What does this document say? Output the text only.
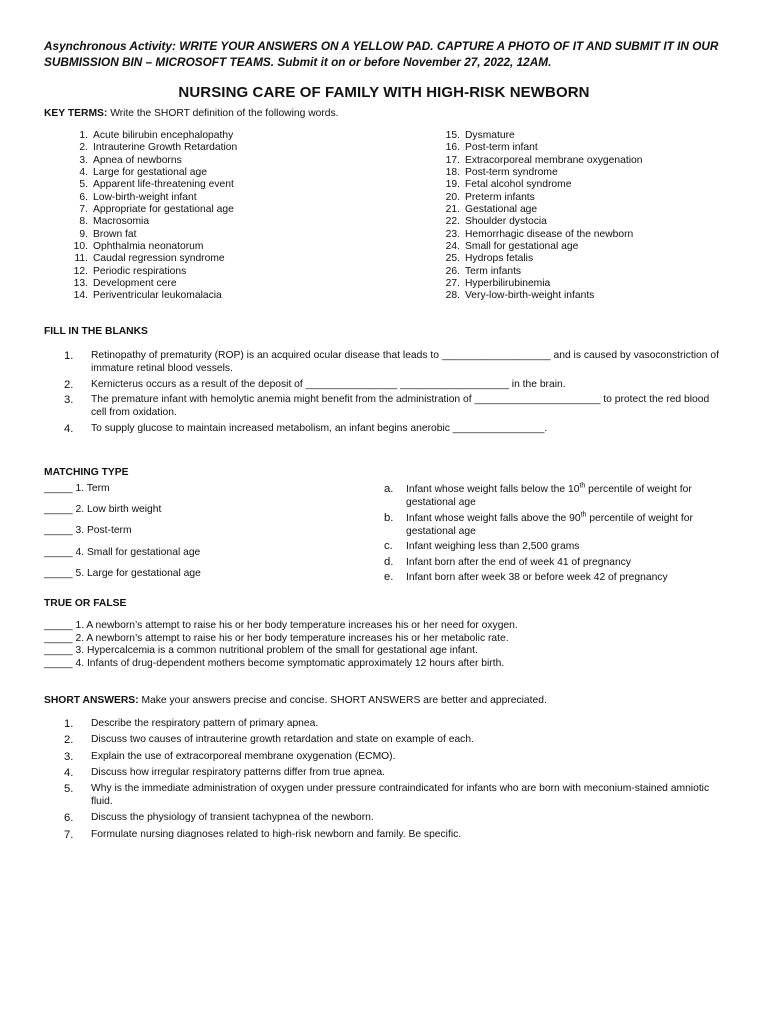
Asynchronous Activity: WRITE YOUR ANSWERS ON A YELLOW PAD. CAPTURE A PHOTO OF IT AND SUBMIT IT IN OUR SUBMISSION BIN – MICROSOFT TEAMS. Submit it on or before November 27, 2022, 12AM.
NURSING CARE OF FAMILY WITH HIGH-RISK NEWBORN
KEY TERMS: Write the SHORT definition of the following words.
1. Acute bilirubin encephalopathy
2. Intrauterine Growth Retardation
3. Apnea of newborns
4. Large for gestational age
5. Apparent life-threatening event
6. Low-birth-weight infant
7. Appropriate for gestational age
8. Macrosomia
9. Brown fat
10. Ophthalmia neonatorum
11. Caudal regression syndrome
12. Periodic respirations
13. Development cere
14. Periventricular leukomalacia
15. Dysmature
16. Post-term infant
17. Extracorporeal membrane oxygenation
18. Post-term syndrome
19. Fetal alcohol syndrome
20. Preterm infants
21. Gestational age
22. Shoulder dystocia
23. Hemorrhagic disease of the newborn
24. Small for gestational age
25. Hydrops fetalis
26. Term infants
27. Hyperbilirubinemia
28. Very-low-birth-weight infants
FILL IN THE BLANKS
1. Retinopathy of prematurity (ROP) is an acquired ocular disease that leads to ___________________ and is caused by vasoconstriction of immature retinal blood vessels.
2. Kernicterus occurs as a result of the deposit of ________________ ___________________ in the brain.
3. The premature infant with hemolytic anemia might benefit from the administration of ______________________ to protect the red blood cell from oxidation.
4. To supply glucose to maintain increased metabolism, an infant begins anerobic ________________.
MATCHING TYPE
_____ 1. Term
_____ 2. Low birth weight
_____ 3. Post-term
_____ 4. Small for gestational age
_____ 5. Large for gestational age
a. Infant whose weight falls below the 10th percentile of weight for gestational age
b. Infant whose weight falls above the 90th percentile of weight for gestational age
c. Infant weighing less than 2,500 grams
d. Infant born after the end of week 41 of pregnancy
e. Infant born after week 38 or before week 42 of pregnancy
TRUE OR FALSE
_____ 1. A newborn’s attempt to raise his or her body temperature increases his or her need for oxygen.
_____ 2. A newborn’s attempt to raise his or her body temperature increases his or her metabolic rate.
_____ 3. Hypercalcemia is a common nutritional problem of the small for gestational age infant.
_____ 4. Infants of drug-dependent mothers become symptomatic approximately 12 hours after birth.
SHORT ANSWERS: Make your answers precise and concise. SHORT ANSWERS are better and appreciated.
1. Describe the respiratory pattern of primary apnea.
2. Discuss two causes of intrauterine growth retardation and state on example of each.
3. Explain the use of extracorporeal membrane oxygenation (ECMO).
4. Discuss how irregular respiratory patterns differ from true apnea.
5. Why is the immediate administration of oxygen under pressure contraindicated for infants who are born with meconium-stained amniotic fluid.
6. Discuss the physiology of transient tachypnea of the newborn.
7. Formulate nursing diagnoses related to high-risk newborn and family. Be specific.
